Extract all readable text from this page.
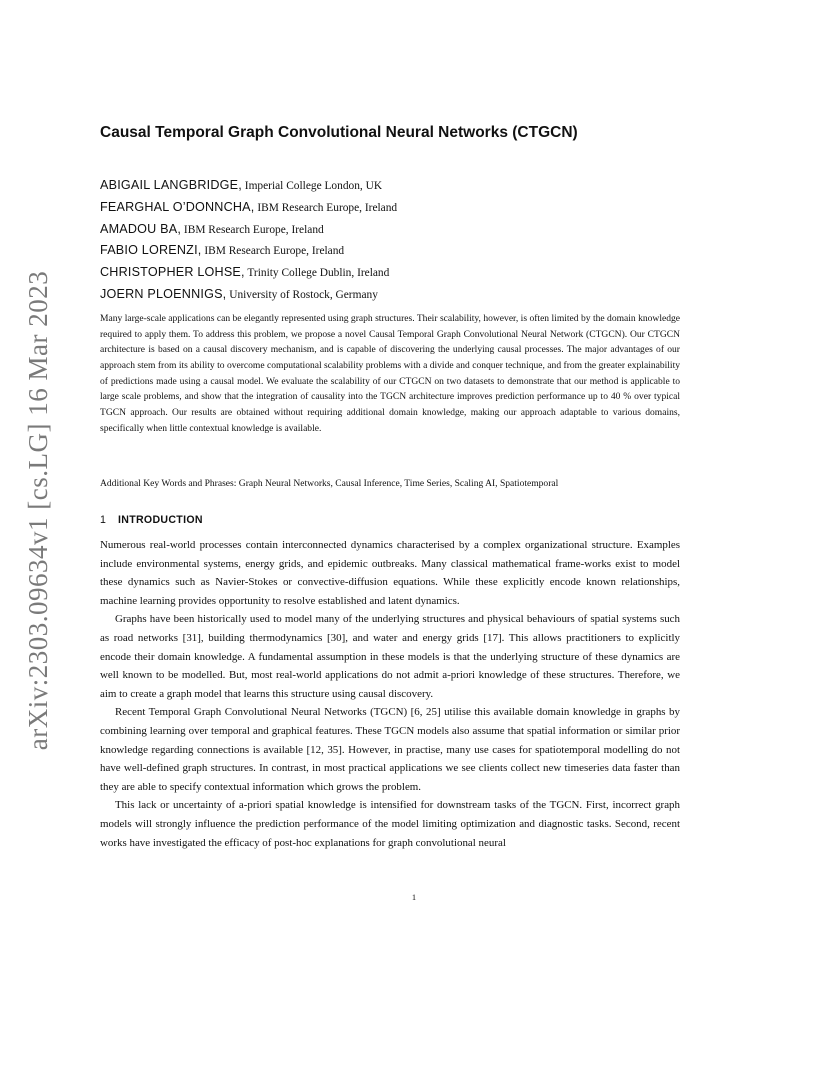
arXiv:2303.09634v1 [cs.LG] 16 Mar 2023
Causal Temporal Graph Convolutional Neural Networks (CTGCN)
ABIGAIL LANGBRIDGE, Imperial College London, UK
FEARGHAL O’DONNCHA, IBM Research Europe, Ireland
AMADOU BA, IBM Research Europe, Ireland
FABIO LORENZI, IBM Research Europe, Ireland
CHRISTOPHER LOHSE, Trinity College Dublin, Ireland
JOERN PLOENNIGS, University of Rostock, Germany

Many large-scale applications can be elegantly represented using graph structures. Their scalability, however, is often limited by the domain knowledge required to apply them. To address this problem, we propose a novel Causal Temporal Graph Convolutional Neural Network (CTGCN). Our CTGCN architecture is based on a causal discovery mechanism, and is capable of discovering the underlying causal processes. The major advantages of our approach stem from its ability to overcome computational scalability problems with a divide and conquer technique, and from the greater explainability of predictions made using a causal model. We evaluate the scalability of our CTGCN on two datasets to demonstrate that our method is applicable to large scale problems, and show that the integration of causality into the TGCN architecture improves prediction performance up to 40 % over typical TGCN approach. Our results are obtained without requiring additional domain knowledge, making our approach adaptable to various domains, specifically when little contextual knowledge is available.

Additional Key Words and Phrases: Graph Neural Networks, Causal Inference, Time Series, Scaling AI, Spatiotemporal

1 INTRODUCTION

Numerous real-world processes contain interconnected dynamics characterised by a complex organizational structure. Examples include environmental systems, energy grids, and epidemic outbreaks. Many classical mathematical frame-works exist to model these dynamics such as Navier-Stokes or convective-diffusion equations. While these explicitly encode known relationships, machine learning provides opportunity to resolve established and latent dynamics.

Graphs have been historically used to model many of the underlying structures and physical behaviours of spatial systems such as road networks [31], building thermodynamics [30], and water and energy grids [17]. This allows practitioners to explicitly encode their domain knowledge. A fundamental assumption in these models is that the underlying structure of these dynamics are well known to be modelled. But, most real-world applications do not admit a-priori knowledge of these structures. Therefore, we aim to create a graph model that learns this structure using causal discovery.

Recent Temporal Graph Convolutional Neural Networks (TGCN) [6, 25] utilise this available domain knowledge in graphs by combining learning over temporal and graphical features. These TGCN models also assume that spatial information or similar prior knowledge regarding connections is available [12, 35]. However, in practise, many use cases for spatiotemporal modelling do not have well-defined graph structures. In contrast, in most practical applications we see clients collect new timeseries data faster than they are able to specify contextual information which grows the problem.

This lack or uncertainty of a-priori spatial knowledge is intensified for downstream tasks of the TGCN. First, incorrect graph models will strongly influence the prediction performance of the model limiting optimization and diagnostic tasks. Second, recent works have investigated the efficacy of post-hoc explanations for graph convolutional neural

1
